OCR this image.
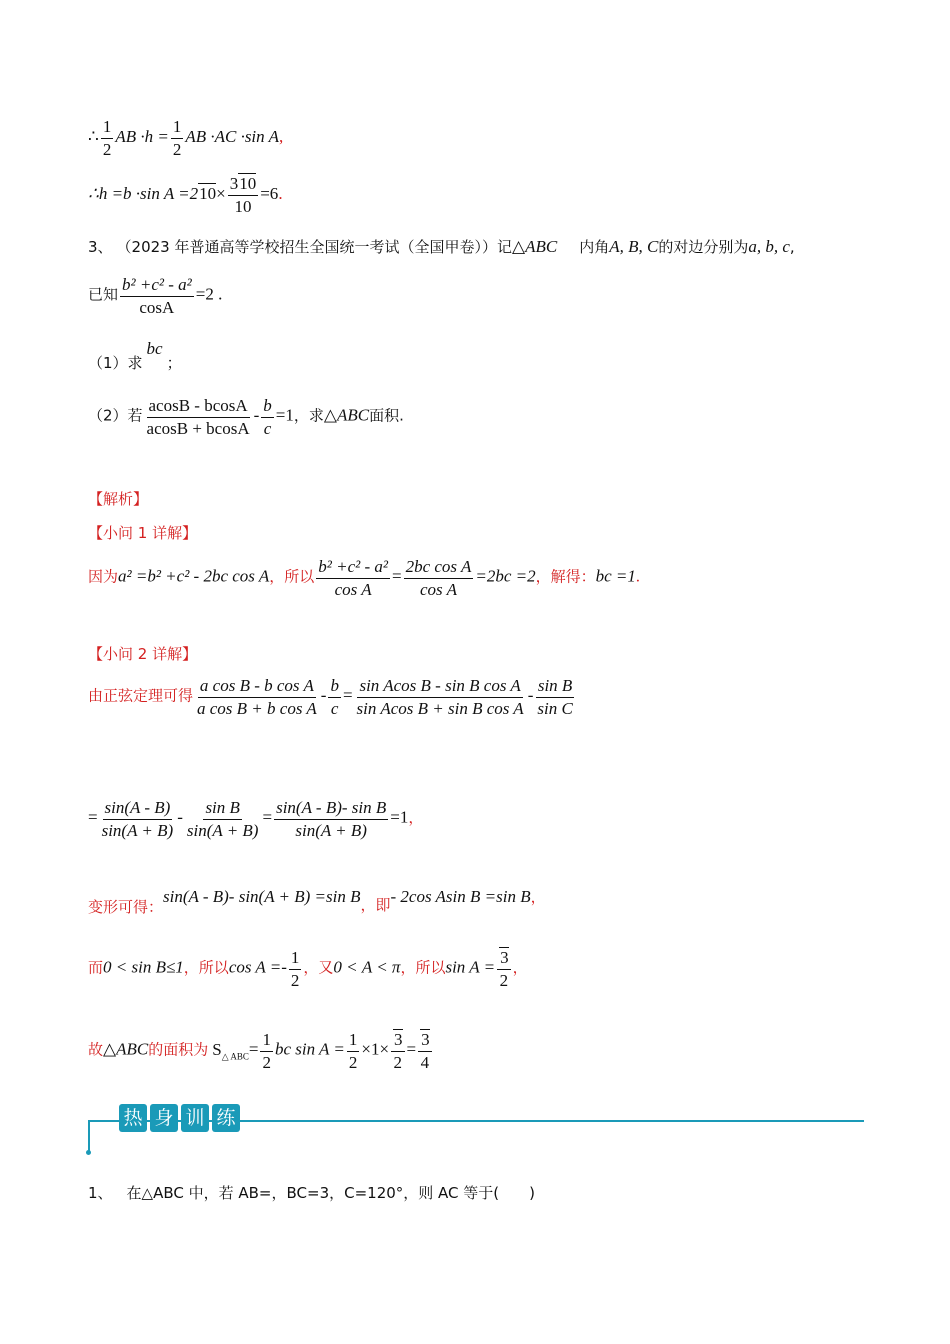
∴ $\frac{1}{2}$ AB $\cdot h = \frac{1}{2}$ AB ·AC ·sin A,
∴h =b ·sin $A =210\times \frac{310}{10} =6$.
3、 （2023 年普通高等学校招生全国统一考试（全国甲卷））记△ABC 内角A, B, C的对边分别为a, b, c,
已知 $\frac{\text{b² +c² - a²}}{\cos A} =2$ .
（1）求 bc ；
（2）若 $\frac{acosB - bcosA}{acosB + bcosA} - \frac{b}{c} =1$，求△ABC面积.
【解析】
【小问 1 详解】
因为a² =b² +c² - 2bc cos A，所以 $\frac{\text{b² +c² - a²}}{\text{cos A}} = \frac{\text{2bc cos A}}{\text{cos A}} =2bc =2$，解得：bc =1.
【小问 2 详解】
由正弦定理可得 $\frac{\text{a cos B - b cos A}}{\text{a cos B + b cos A}} - \frac{b}{c} = \frac{\text{sin Acos B - sin B cos A}}{\text{sin Acos B + sin B cos A}} - \frac{\text{sin B}}{\text{sin C}}$
= $\frac{\sin(A - B)}{\sin(A + B)} - \frac{\text{sin B}}{\sin(A + B)} = \frac{\text{sin(A - B)- sin B}}{\sin(A + B)} =1$，
变形可得：sin(A - B)- sin(A + B) =sin B，即- 2cos Asin B =sin B，
而0 < sin B≤1，所以$\cos A =- \frac{1}{2}$ ，又0 < A < π，所以$\sin A = \frac{3}{2}$ ，
故△ABC的面积为 $S_{\triangle ABC}= \frac{1}{2}$ bc $\sin A = \frac{1}{2} \times 1\times \frac{3}{2} = \frac{3}{4}$
热 身 训 练
1、 在△ABC 中，若 AB=，BC=3，C=120°，则 AC 等于(　　)
